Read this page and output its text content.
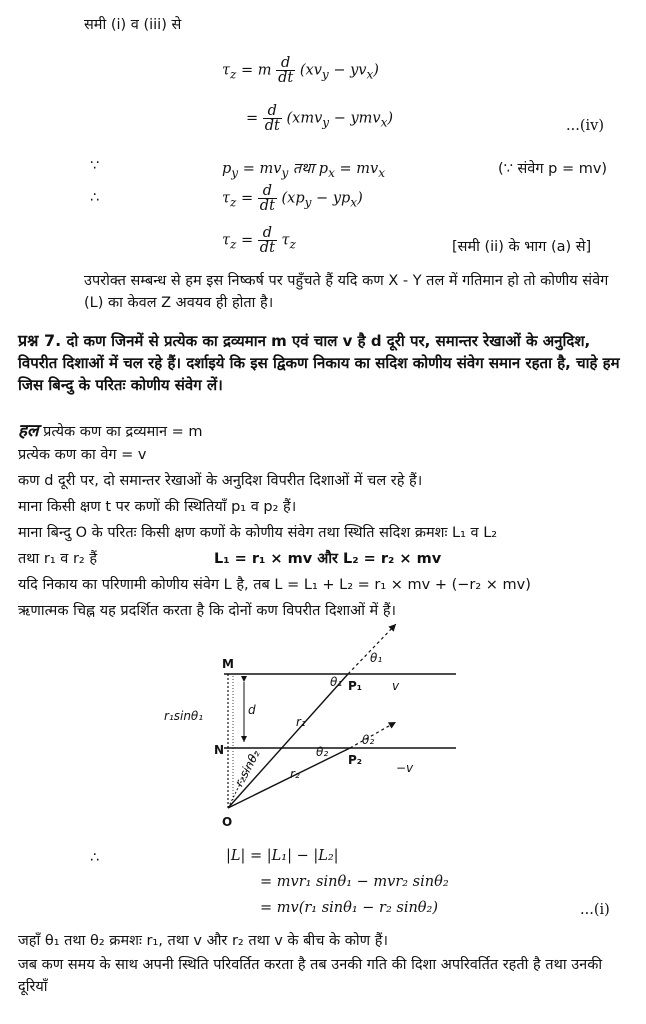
समी (i) व (iii) से
$\tau_z = m \frac{d}{dt} (xv_y - yv_x)$
= $\frac{d}{dt} (xmv_y - ymv_x)$	...(iv)
∵	$p_y = mv_y$ तथा $p_x = mv_x$	(∵ संवेग p = mv)
∴	$\tau_z = \frac{d}{dt} (xp_y - yp_x)$
$\tau_z = \frac{d}{dt} \tau_z$	[समी (ii) के भाग (a) से]
उपरोक्त सम्बन्ध से हम इस निष्कर्ष पर पहुँचते हैं यदि कण X - Y तल में गतिमान हो तो कोणीय संवेग (L) का केवल Z अवयव ही होता है।
प्रश्न 7. दो कण जिनमें से प्रत्येक का द्रव्यमान m एवं चाल v है d दूरी पर, समान्तर रेखाओं के अनुदिश, विपरीत दिशाओं में चल रहे हैं। दर्शाइये कि इस द्विकण निकाय का सदिश कोणीय संवेग समान रहता है, चाहे हम जिस बिन्दु के परितः कोणीय संवेग लें।
हल प्रत्येक कण का द्रव्यमान = m
प्रत्येक कण का वेग = v
कण d दूरी पर, दो समान्तर रेखाओं के अनुदिश विपरीत दिशाओं में चल रहे हैं।
माना किसी क्षण t पर कणों की स्थितियाँ p₁ व p₂ हैं।
माना बिन्दु O के परितः किसी क्षण कणों के कोणीय संवेग तथा स्थिति सदिश क्रमशः L₁ व L₂
तथा r₁ व r₂ हैं	L₁ = r₁ × mv और L₂ = r₂ × mv
यदि निकाय का परिणामी कोणीय संवेग L है, तब L = L₁ + L₂ = r₁ × mv + (−r₂ × mv)
ऋणात्मक चिह्न यह प्रदर्शित करता है कि दोनों कण विपरीत दिशाओं में हैं।
M
N
O
d
r₁sinθ₁
r₂sinθ₂
r₁
r₂
P₁
P₂
θ₁
θ₁
θ₂
θ₂
v
−v
∴	|L| = |L₁| − |L₂|
= mvr₁ sinθ₁ − mvr₂ sinθ₂
= mv(r₁ sinθ₁ − r₂ sinθ₂)	...(i)
जहाँ θ₁ तथा θ₂ क्रमशः r₁, तथा v और r₂ तथा v के बीच के कोण हैं।
जब कण समय के साथ अपनी स्थिति परिवर्तित करता है तब उनकी गति की दिशा अपरिवर्तित रहती है तथा उनकी दूरियाँ
